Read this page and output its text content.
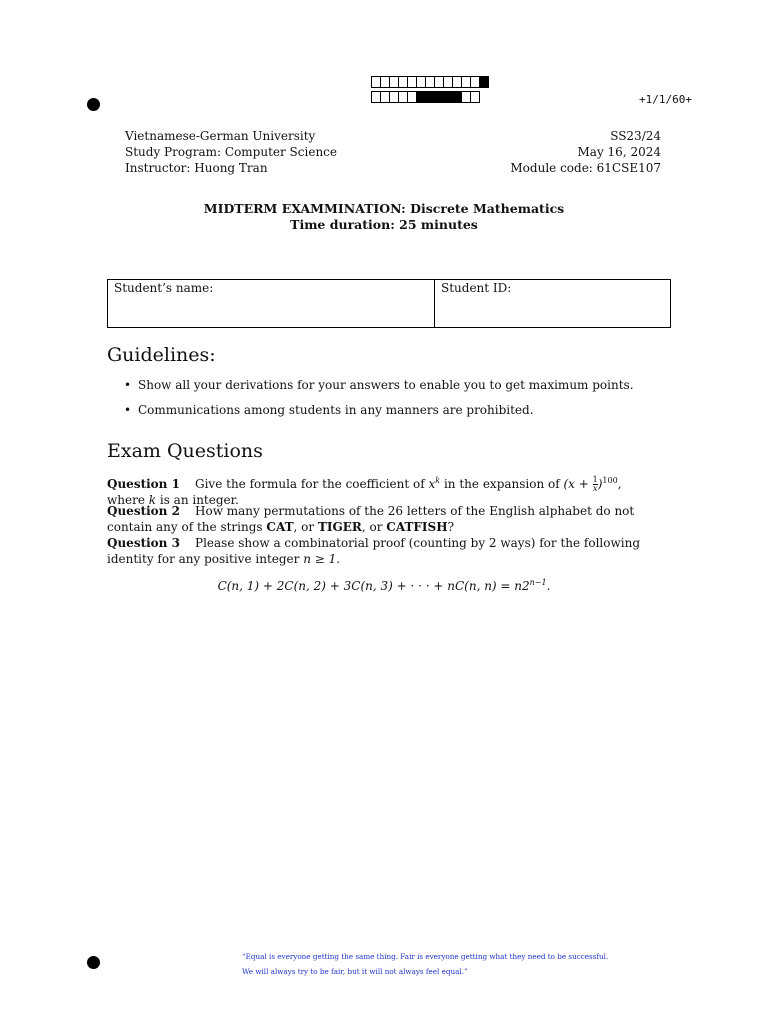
+1/1/60+
Vietnamese-German University
Study Program: Computer Science
Instructor: Huong Tran
SS23/24
May 16, 2024
Module code: 61CSE107
MIDTERM EXAMMINATION: Discrete Mathematics
Time duration: 25 minutes
Student’s name:	Student ID:
Guidelines:
• Show all your derivations for your answers to enable you to get maximum points.
• Communications among students in any manners are prohibited.
Exam Questions
Question 1 Give the formula for the coefficient of $x^k$ in the expansion of $(x + \frac{1}{x} )^{100}$, where k is an integer.
Question 2 How many permutations of the 26 letters of the English alphabet do not contain any of the strings CAT, or TIGER, or CATFISH?
Question 3 Please show a combinatorial proof (counting by 2 ways) for the following identity for any positive integer n ≥ 1.
C(n, 1) + 2C(n, 2) + 3C(n, 3) + · · · + nC(n, $n) = n2^{n-1}$.
“Equal is everyone getting the same thing. Fair is everyone getting what they need to be successful.
We will always try to be fair, but it will not always feel equal.”
